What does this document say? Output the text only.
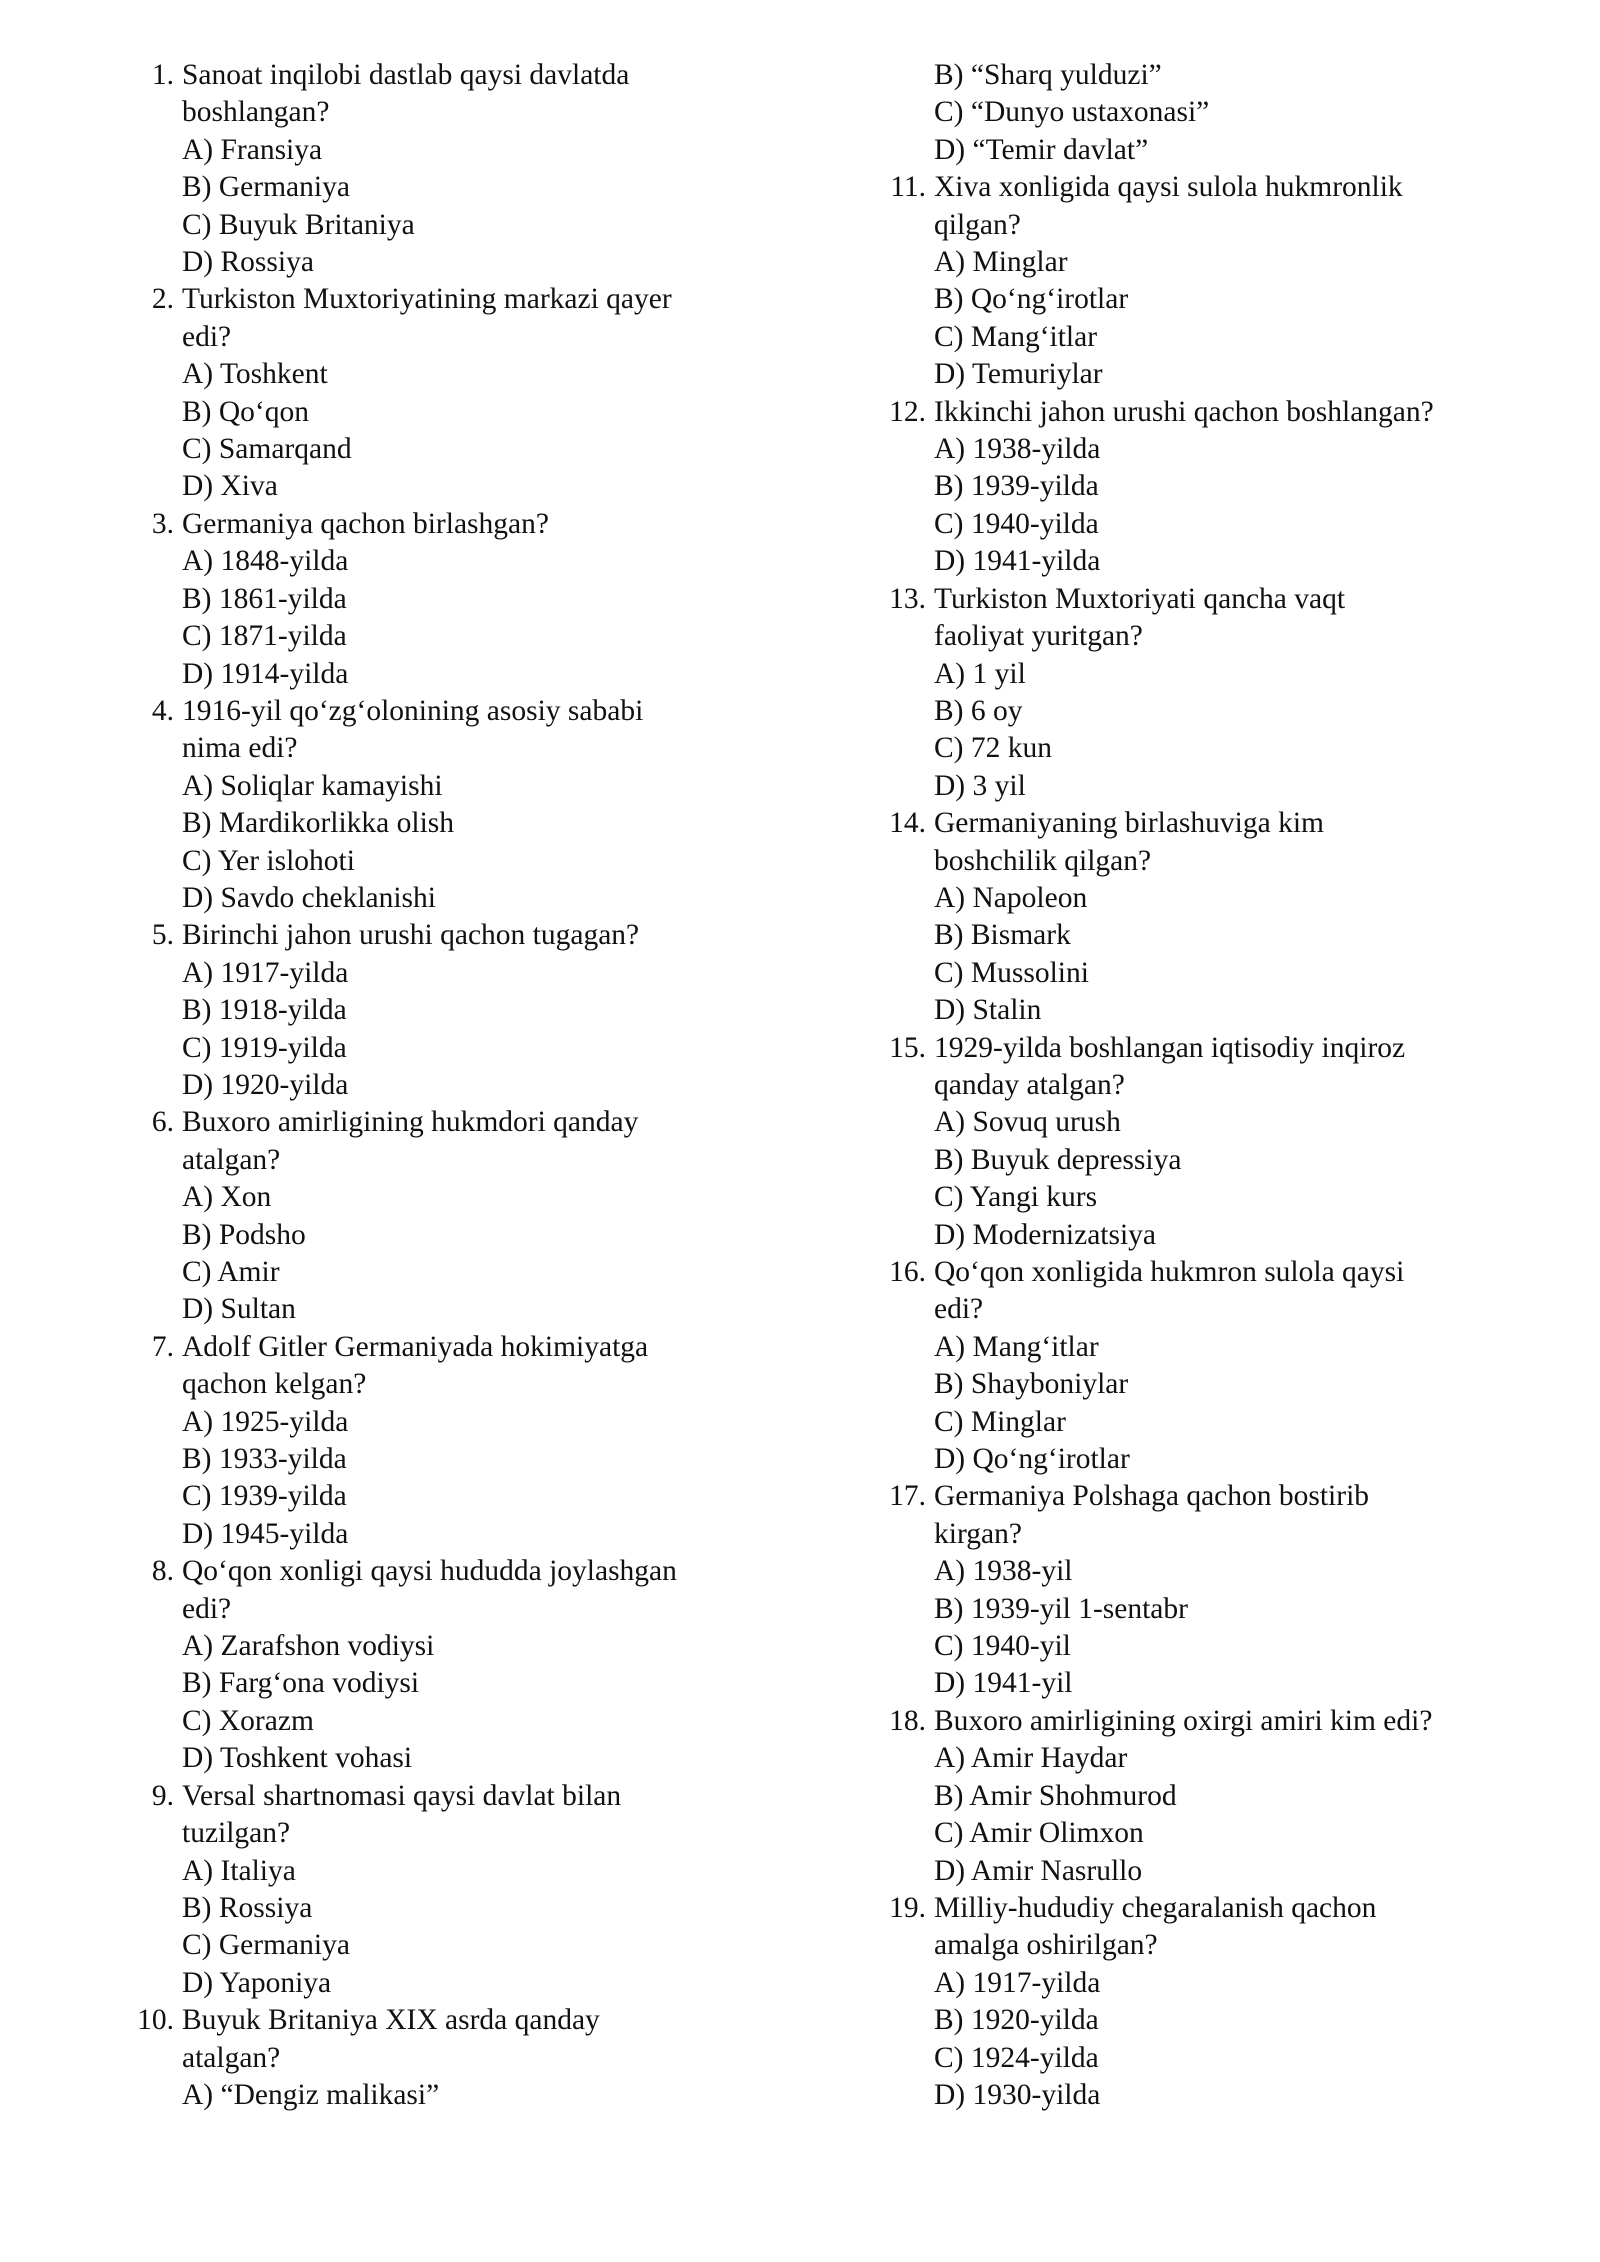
1. Sanoat inqilobi dastlab qaysi davlatda
boshlangan?
A) Fransiya
B) Germaniya
C) Buyuk Britaniya
D) Rossiya
2. Turkiston Muxtoriyatining markazi qayer
edi?
A) Toshkent
B) Qo‘qon
C) Samarqand
D) Xiva
3. Germaniya qachon birlashgan?
A) 1848-yilda
B) 1861-yilda
C) 1871-yilda
D) 1914-yilda
4. 1916-yil qo‘zg‘olonining asosiy sababi
nima edi?
A) Soliqlar kamayishi
B) Mardikorlikka olish
C) Yer islohoti
D) Savdo cheklanishi
5. Birinchi jahon urushi qachon tugagan?
A) 1917-yilda
B) 1918-yilda
C) 1919-yilda
D) 1920-yilda
6. Buxoro amirligining hukmdori qanday
atalgan?
A) Xon
B) Podsho
C) Amir
D) Sultan
7. Adolf Gitler Germaniyada hokimiyatga
qachon kelgan?
A) 1925-yilda
B) 1933-yilda
C) 1939-yilda
D) 1945-yilda
8. Qo‘qon xonligi qaysi hududda joylashgan
edi?
A) Zarafshon vodiysi
B) Farg‘ona vodiysi
C) Xorazm
D) Toshkent vohasi
9. Versal shartnomasi qaysi davlat bilan
tuzilgan?
A) Italiya
B) Rossiya
C) Germaniya
D) Yaponiya
10. Buyuk Britaniya XIX asrda qanday
atalgan?
A) “Dengiz malikasi”
B) “Sharq yulduzi”
C) “Dunyo ustaxonasi”
D) “Temir davlat”
11. Xiva xonligida qaysi sulola hukmronlik
qilgan?
A) Minglar
B) Qo‘ng‘irotlar
C) Mang‘itlar
D) Temuriylar
12. Ikkinchi jahon urushi qachon boshlangan?
A) 1938-yilda
B) 1939-yilda
C) 1940-yilda
D) 1941-yilda
13. Turkiston Muxtoriyati qancha vaqt
faoliyat yuritgan?
A) 1 yil
B) 6 oy
C) 72 kun
D) 3 yil
14. Germaniyaning birlashuviga kim
boshchilik qilgan?
A) Napoleon
B) Bismark
C) Mussolini
D) Stalin
15. 1929-yilda boshlangan iqtisodiy inqiroz
qanday atalgan?
A) Sovuq urush
B) Buyuk depressiya
C) Yangi kurs
D) Modernizatsiya
16. Qo‘qon xonligida hukmron sulola qaysi
edi?
A) Mang‘itlar
B) Shayboniylar
C) Minglar
D) Qo‘ng‘irotlar
17. Germaniya Polshaga qachon bostirib
kirgan?
A) 1938-yil
B) 1939-yil 1-sentabr
C) 1940-yil
D) 1941-yil
18. Buxoro amirligining oxirgi amiri kim edi?
A) Amir Haydar
B) Amir Shohmurod
C) Amir Olimxon
D) Amir Nasrullo
19. Milliy-hududiy chegaralanish qachon
amalga oshirilgan?
A) 1917-yilda
B) 1920-yilda
C) 1924-yilda
D) 1930-yilda
